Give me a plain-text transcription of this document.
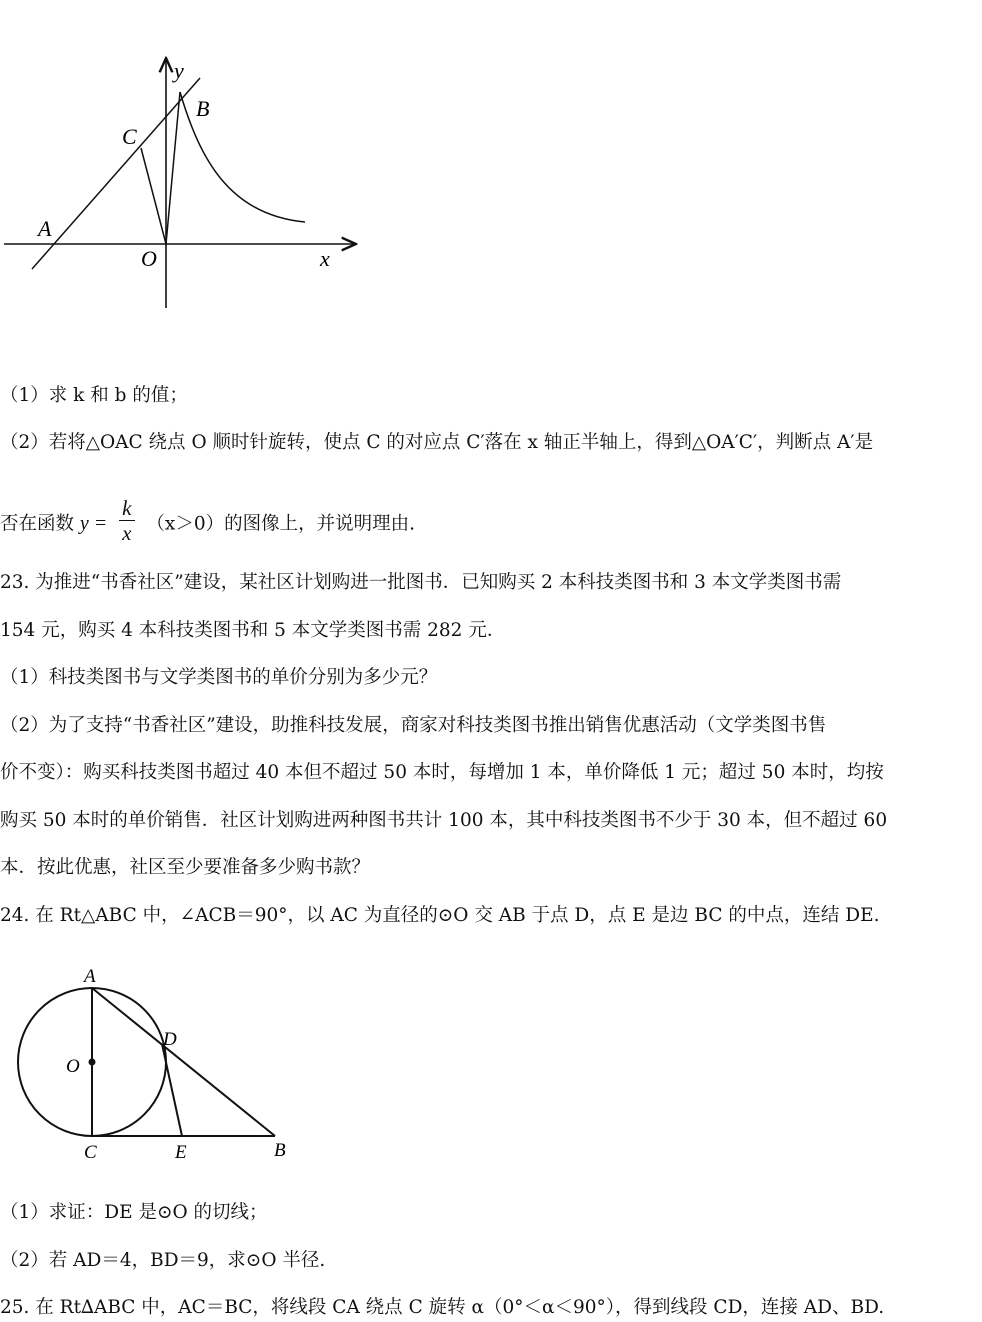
y
B
C
A
O	x
（1）求 k 和 b 的值；
（2）若将△OAC 绕点 O 顺时针旋转，使点 C 的对应点 C′落在 x 轴正半轴上，得到△OA′C′，判断点 A′是
否在函数 $y = \frac{k}{x} (x>0)$的图像上，并说明理由.
23. 为推进“书香社区”建设，某社区计划购进一批图书．已知购买 2 本科技类图书和 3 本文学类图书需
154 元，购买 4 本科技类图书和 5 本文学类图书需 282 元．
（1）科技类图书与文学类图书的单价分别为多少元？
（2）为了支持“书香社区”建设，助推科技发展，商家对科技类图书推出销售优惠活动（文学类图书售
价不变）：购买科技类图书超过 40 本但不超过 50 本时，每增加 1 本，单价降低 1 元；超过 50 本时，均按
购买 50 本时的单价销售．社区计划购进两种图书共计 100 本，其中科技类图书不少于 30 本，但不超过 60
本．按此优惠，社区至少要准备多少购书款？
24. 在 Rt△ABC 中，∠ACB＝90°，以 AC 为直径的⊙O 交 AB 于点 D，点 E 是边 BC 的中点，连结 DE.
A
O
D
C	E	B
（1）求证：DE 是⊙O 的切线；
（2）若 AD＝4，BD＝9，求⊙O 半径.
25. 在 Rt∆ABC 中，AC＝BC，将线段 CA 绕点 C 旋转 α（0°＜α＜90°），得到线段 CD，连接 AD、BD.
